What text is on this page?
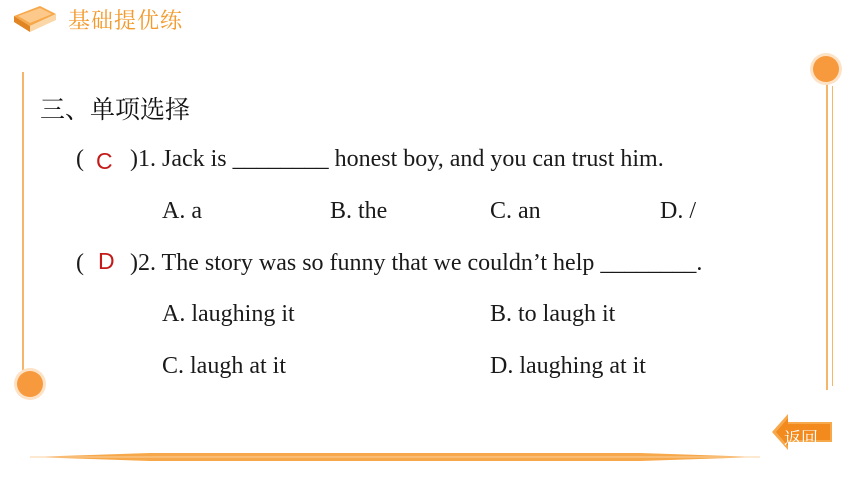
基础提优练
三、单项选择
( C )1. Jack is ________ honest boy, and you can trust him.
A. a	B. the	C. an	D. /
( D )2. The story was so funny that we couldn’t help ________.
A. laughing it	B. to laugh it
C. laugh at it	D. laughing at it
返回
